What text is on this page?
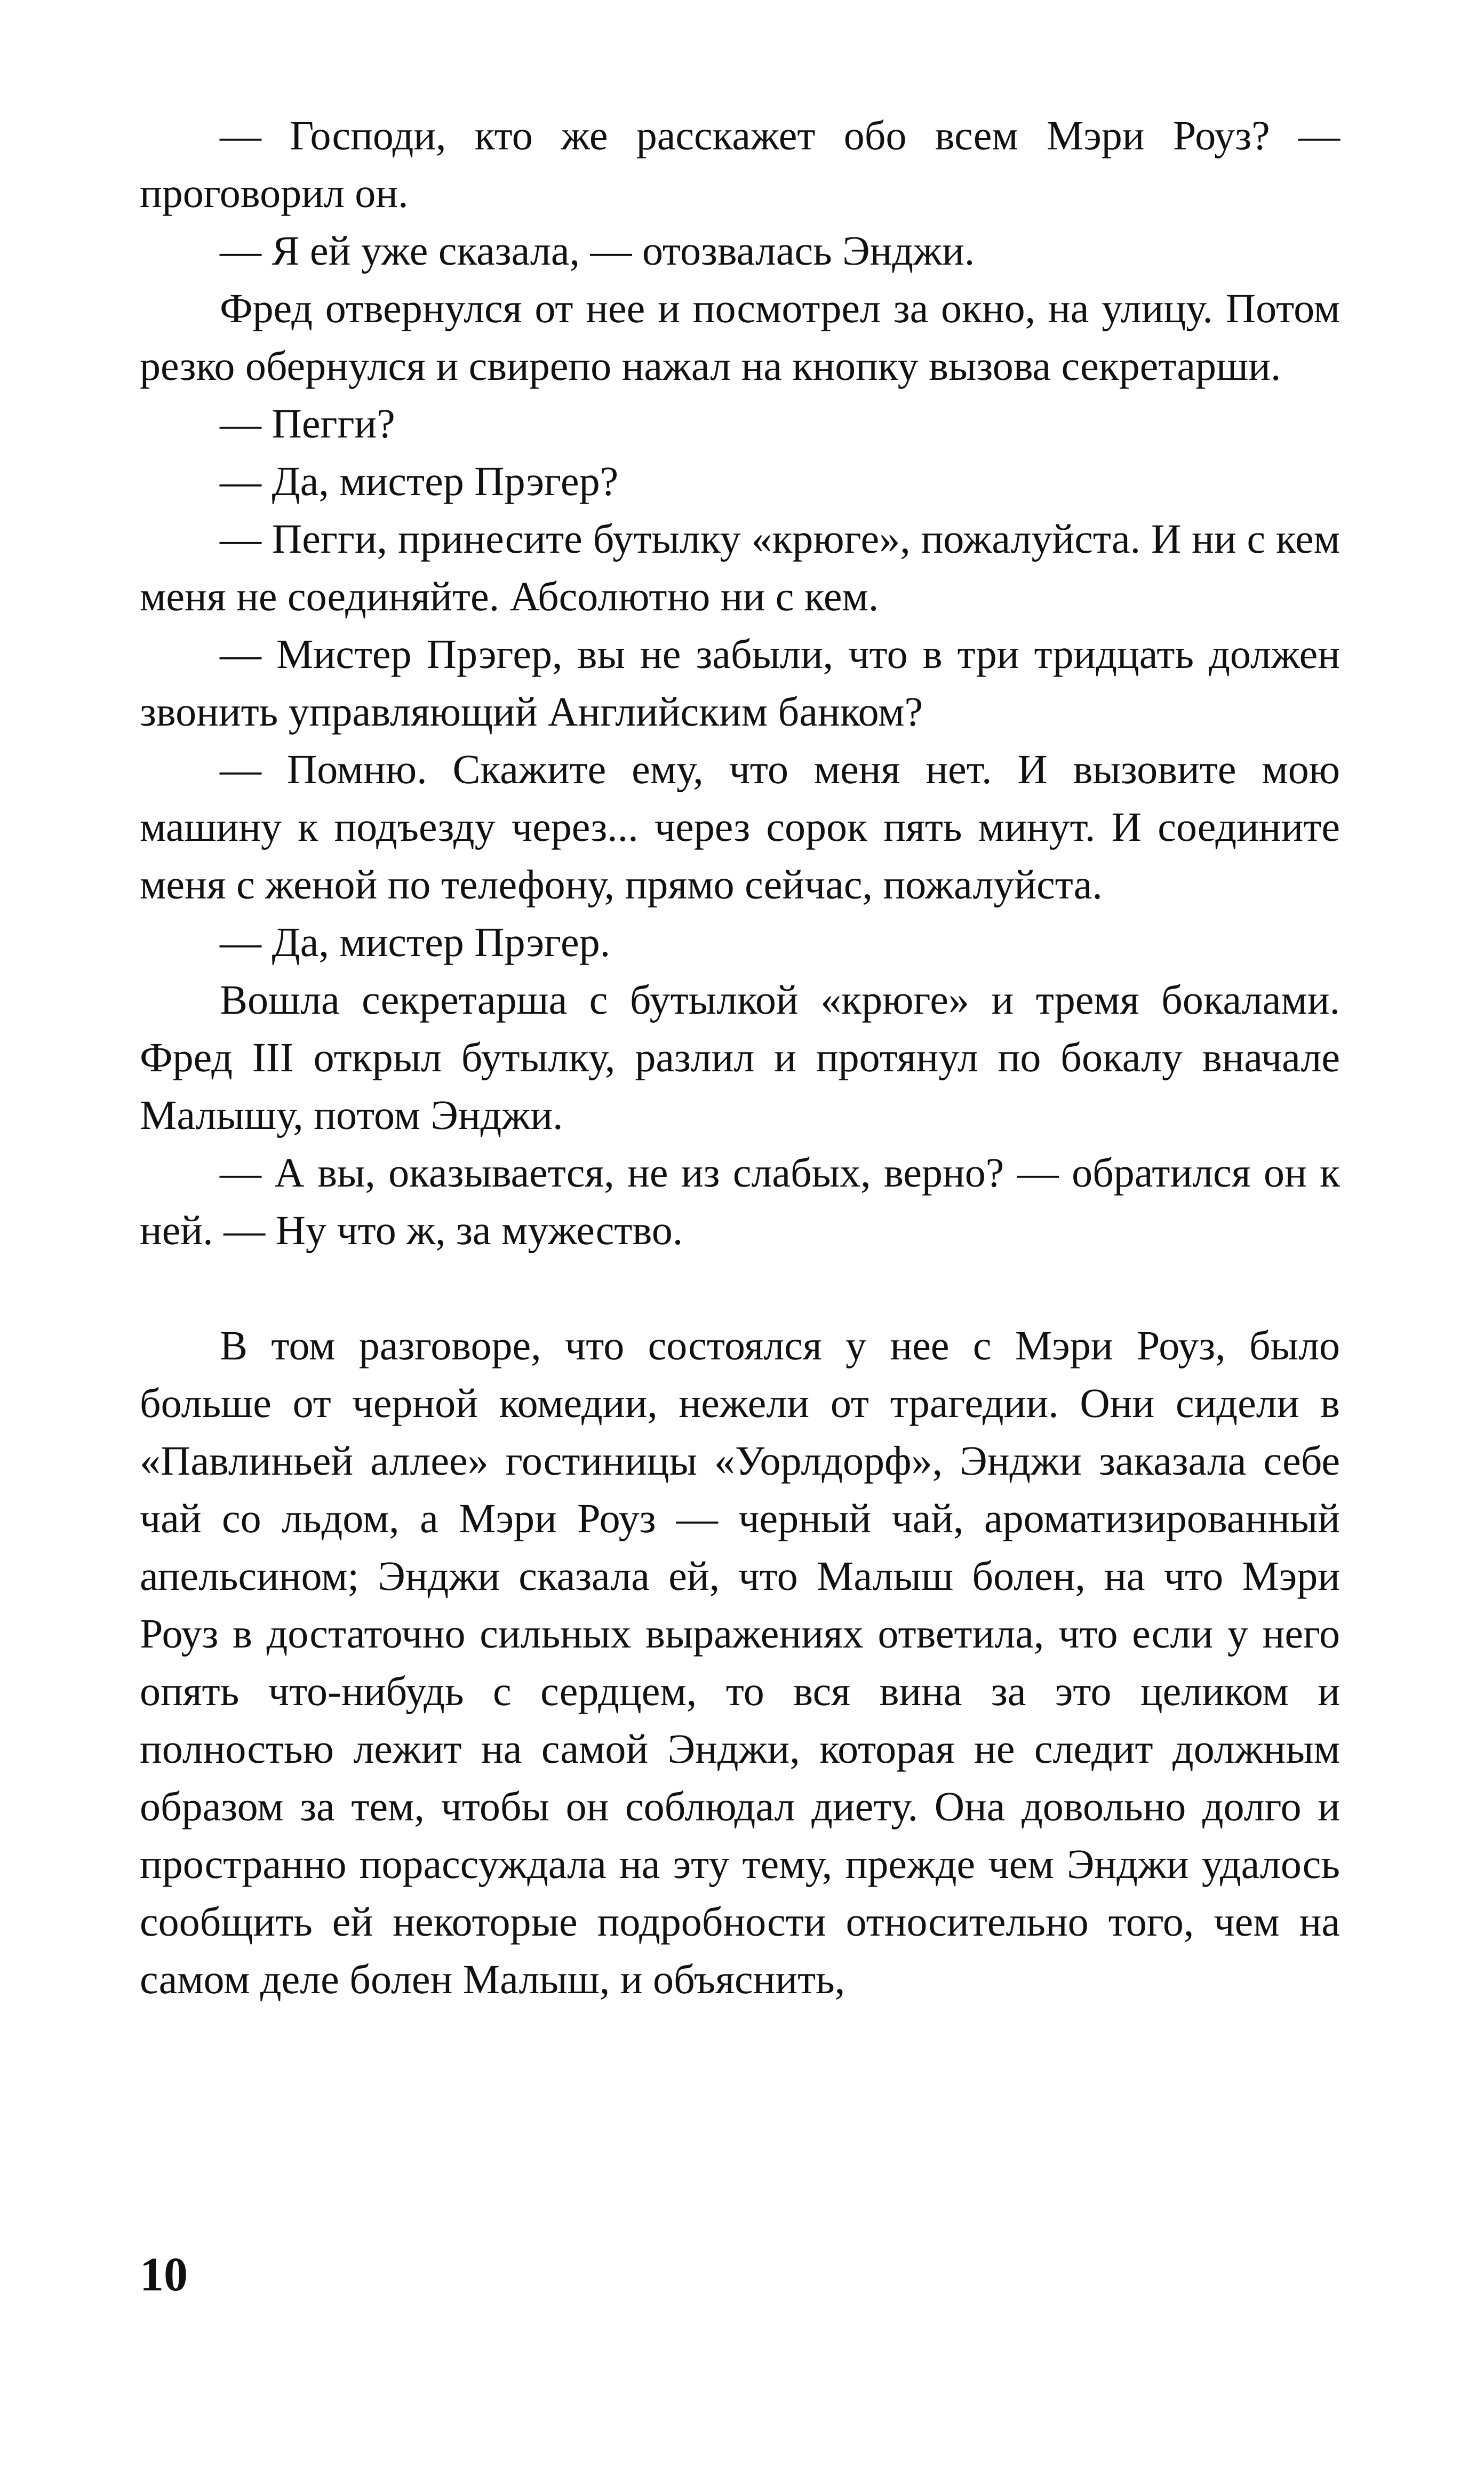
— Господи, кто же расскажет обо всем Мэри Роуз? — проговорил он.

— Я ей уже сказала, — отозвалась Энджи.

Фред отвернулся от нее и посмотрел за окно, на улицу. Потом резко обернулся и свирепо нажал на кнопку вызова секретарши.

— Пегги?

— Да, мистер Прэгер?

— Пегги, принесите бутылку «крюге», пожалуйста. И ни с кем меня не соединяйте. Абсолютно ни с кем.

— Мистер Прэгер, вы не забыли, что в три тридцать должен звонить управляющий Английским банком?

— Помню. Скажите ему, что меня нет. И вызовите мою машину к подъезду через... через сорок пять минут. И соедините меня с женой по телефону, прямо сейчас, пожалуйста.

— Да, мистер Прэгер.

Вошла секретарша с бутылкой «крюге» и тремя бокалами. Фред III открыл бутылку, разлил и протянул по бокалу вначале Малышу, потом Энджи.

— А вы, оказывается, не из слабых, верно? — обратился он к ней. — Ну что ж, за мужество.

В том разговоре, что состоялся у нее с Мэри Роуз, было больше от черной комедии, нежели от трагедии. Они сидели в «Павлиньей аллее» гостиницы «Уорлдорф», Энджи заказала себе чай со льдом, а Мэри Роуз — черный чай, ароматизированный апельсином; Энджи сказала ей, что Малыш болен, на что Мэри Роуз в достаточно сильных выражениях ответила, что если у него опять что-нибудь с сердцем, то вся вина за это целиком и полностью лежит на самой Энджи, которая не следит должным образом за тем, чтобы он соблюдал диету. Она довольно долго и пространно порассуждала на эту тему, прежде чем Энджи удалось сообщить ей некоторые подробности относительно того, чем на самом деле болен Малыш, и объяснить,

10
